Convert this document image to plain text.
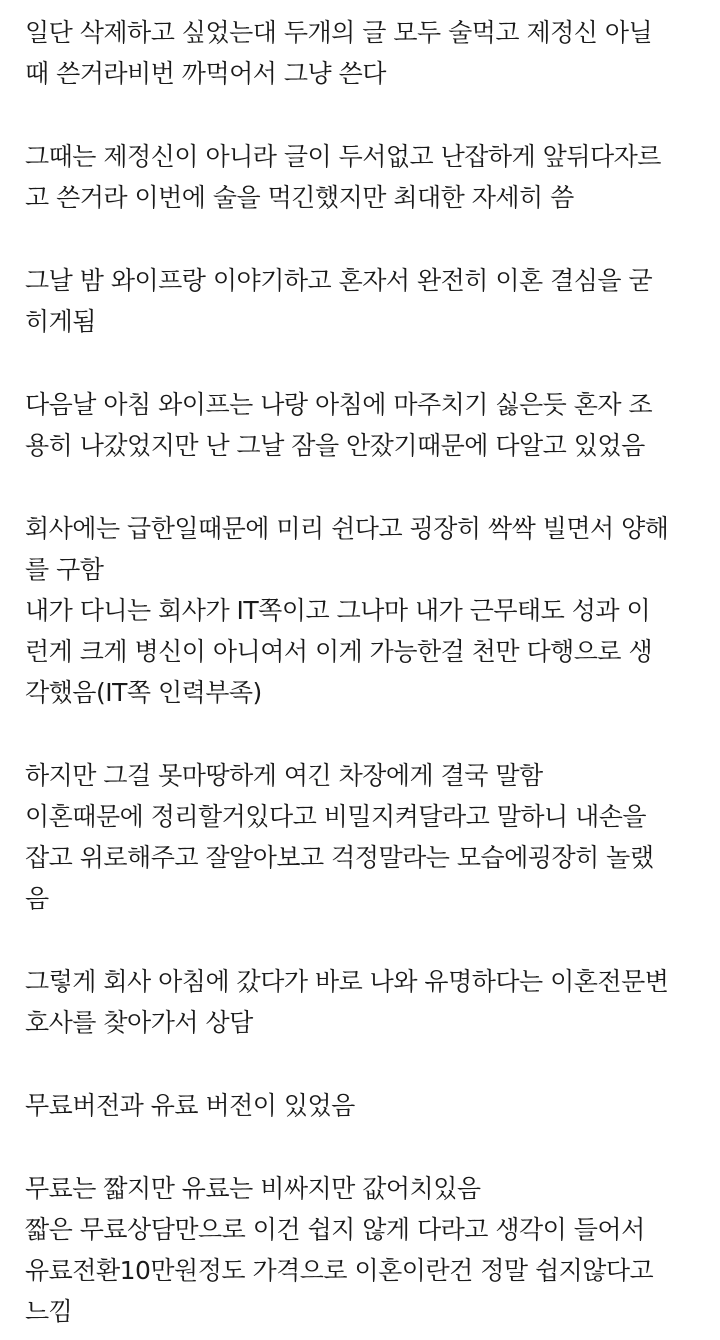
일단 삭제하고 싶었는대 두개의 글 모두 술먹고 제정신 아닐
때 쓴거라비번 까먹어서 그냥 쓴다
그때는 제정신이 아니라 글이 두서없고 난잡하게 앞뒤다자르
고 쓴거라 이번에 술을 먹긴했지만 최대한 자세히 씀
그날 밤 와이프랑 이야기하고 혼자서 완전히 이혼 결심을 굳
히게됨
다음날 아침 와이프는 나랑 아침에 마주치기 싫은듯 혼자 조
용히 나갔었지만 난 그날 잠을 안잤기때문에 다알고 있었음
회사에는 급한일때문에 미리 쉰다고 굉장히 싹싹 빌면서 양해
를 구함
내가 다니는 회사가 IT쪽이고 그나마 내가 근무태도 성과 이
런게 크게 병신이 아니여서 이게 가능한걸 천만 다행으로 생
각했음(IT쪽 인력부족)
하지만 그걸 못마땅하게 여긴 차장에게 결국 말함
이혼때문에 정리할거있다고 비밀지켜달라고 말하니 내손을
잡고 위로해주고 잘알아보고 걱정말라는 모습에굉장히 놀랬
음
그렇게 회사 아침에 갔다가 바로 나와 유명하다는 이혼전문변
호사를 찾아가서 상담
무료버전과 유료 버전이 있었음
무료는 짧지만 유료는 비싸지만 값어치있음
짧은 무료상담만으로 이건 쉽지 않게 다라고 생각이 들어서
유료전환10만원정도 가격으로 이혼이란건 정말 쉽지않다고
느낌
